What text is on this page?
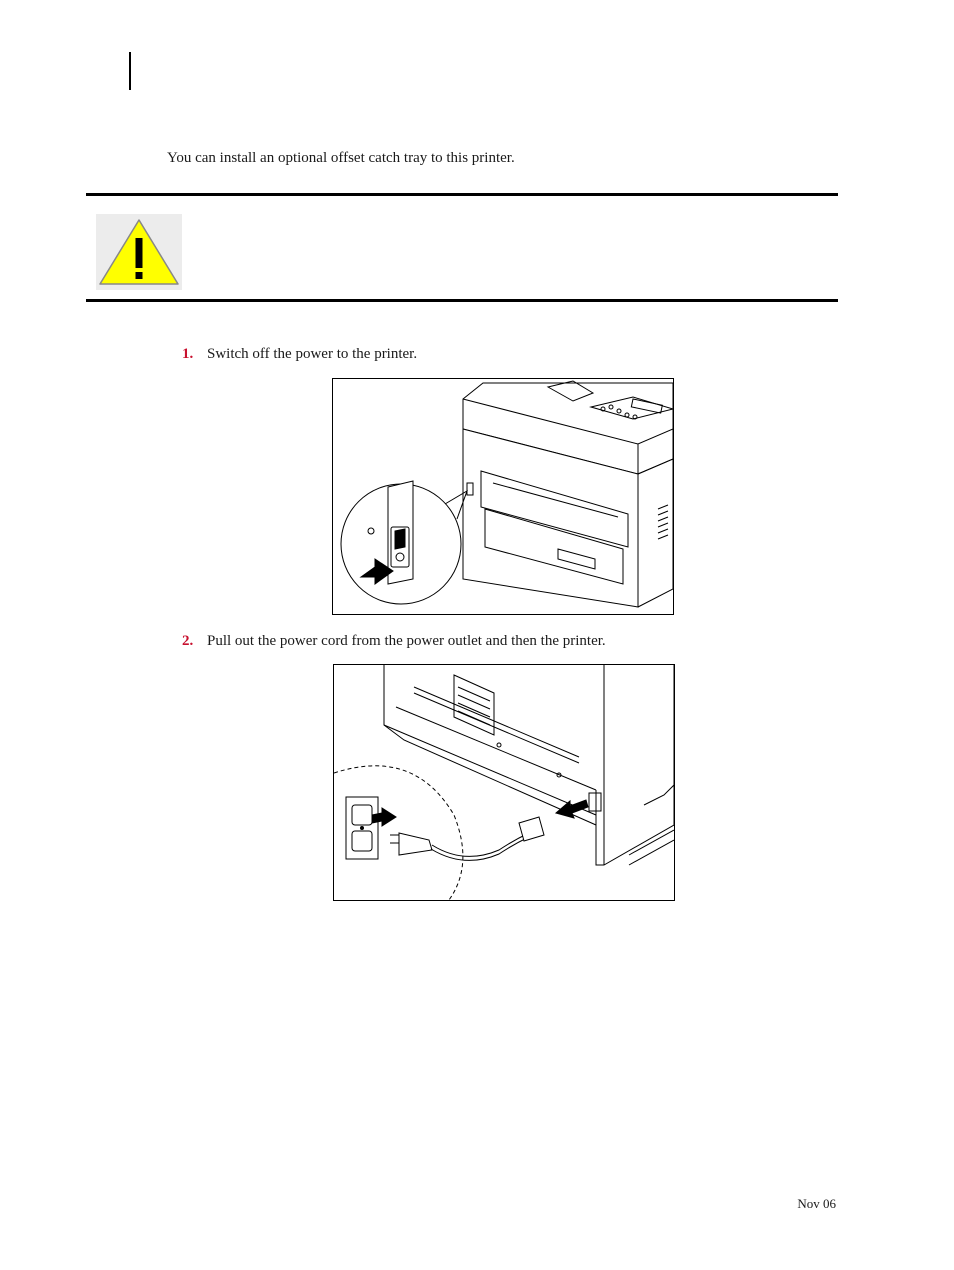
You can install an optional offset catch tray to this printer.

1. Switch off the power to the printer.

2. Pull out the power cord from the power outlet and then the printer.

Nov 06
